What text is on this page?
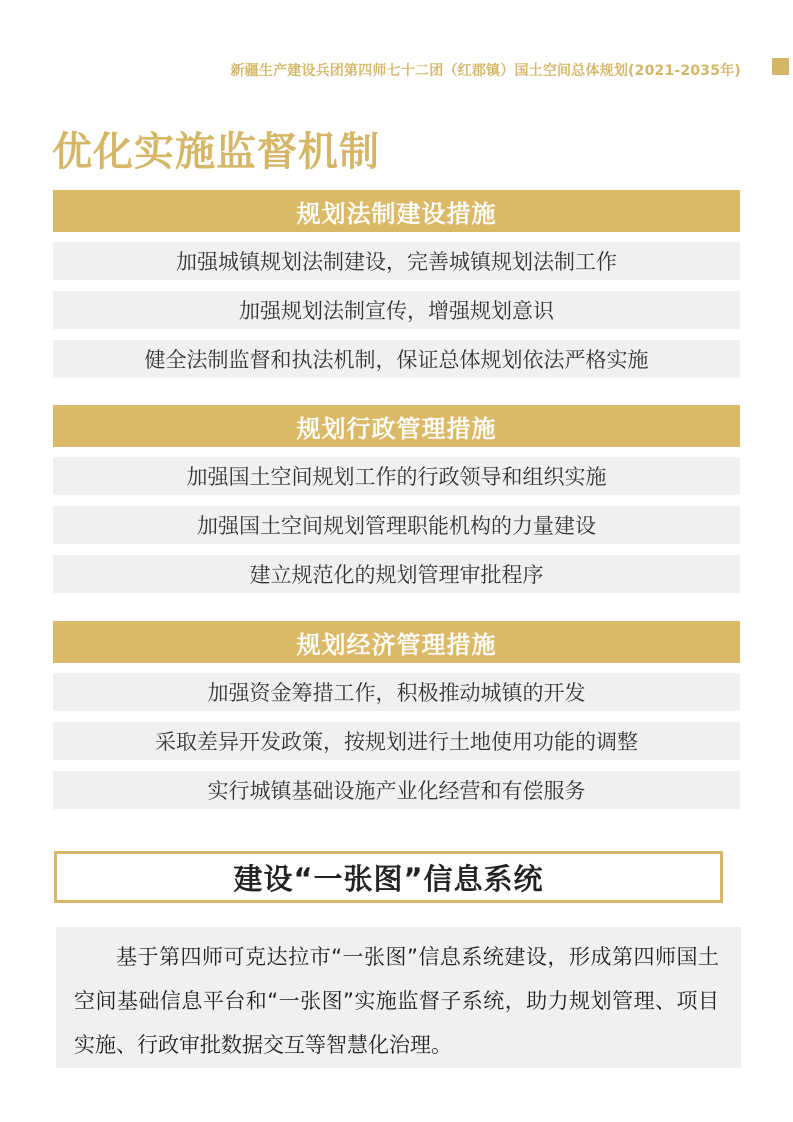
新疆生产建设兵团第四师七十二团（红郡镇）国土空间总体规划(2021-2035年)
优化实施监督机制
规划法制建设措施
加强城镇规划法制建设，完善城镇规划法制工作
加强规划法制宣传，增强规划意识
健全法制监督和执法机制，保证总体规划依法严格实施
规划行政管理措施
加强国土空间规划工作的行政领导和组织实施
加强国土空间规划管理职能机构的力量建设
建立规范化的规划管理审批程序
规划经济管理措施
加强资金筹措工作，积极推动城镇的开发
采取差异开发政策，按规划进行土地使用功能的调整
实行城镇基础设施产业化经营和有偿服务
建设“一张图”信息系统
基于第四师可克达拉市“一张图”信息系统建设，形成第四师国土空间基础信息平台和“一张图”实施监督子系统，助力规划管理、项目实施、行政审批数据交互等智慧化治理。
